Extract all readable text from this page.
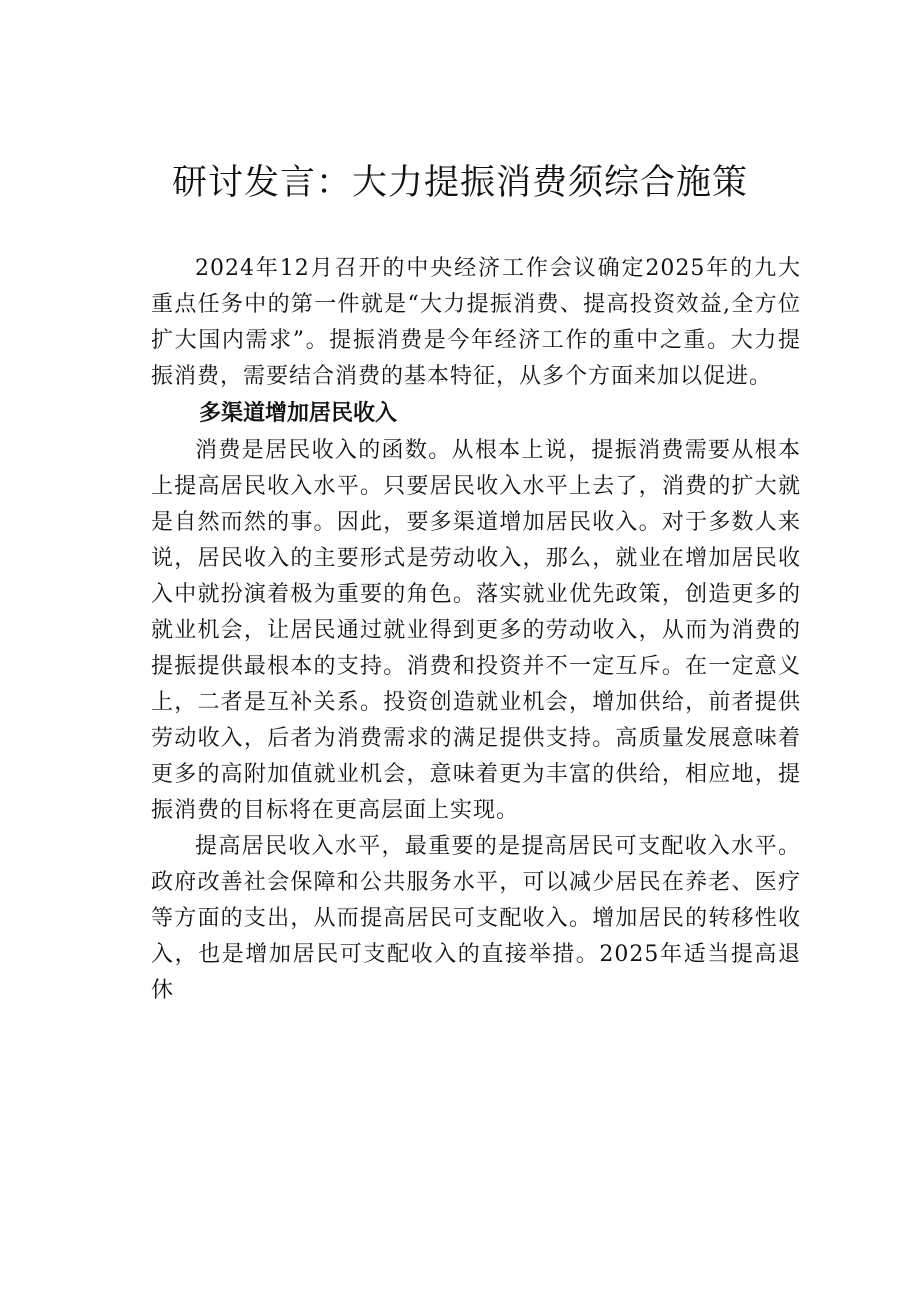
研讨发言：大力提振消费须综合施策

2024年12月召开的中央经济工作会议确定2025年的九大重点任务中的第一件就是“大力提振消费、提高投资效益,全方位扩大国内需求”。提振消费是今年经济工作的重中之重。大力提振消费，需要结合消费的基本特征，从多个方面来加以促进。

多渠道增加居民收入

消费是居民收入的函数。从根本上说，提振消费需要从根本上提高居民收入水平。只要居民收入水平上去了，消费的扩大就是自然而然的事。因此，要多渠道增加居民收入。对于多数人来说，居民收入的主要形式是劳动收入，那么，就业在增加居民收入中就扮演着极为重要的角色。落实就业优先政策，创造更多的就业机会，让居民通过就业得到更多的劳动收入，从而为消费的提振提供最根本的支持。消费和投资并不一定互斥。在一定意义上，二者是互补关系。投资创造就业机会，增加供给，前者提供劳动收入，后者为消费需求的满足提供支持。高质量发展意味着更多的高附加值就业机会，意味着更为丰富的供给，相应地，提振消费的目标将在更高层面上实现。

提高居民收入水平，最重要的是提高居民可支配收入水平。政府改善社会保障和公共服务水平，可以减少居民在养老、医疗等方面的支出，从而提高居民可支配收入。增加居民的转移性收入，也是增加居民可支配收入的直接举措。2025年适当提高退休
